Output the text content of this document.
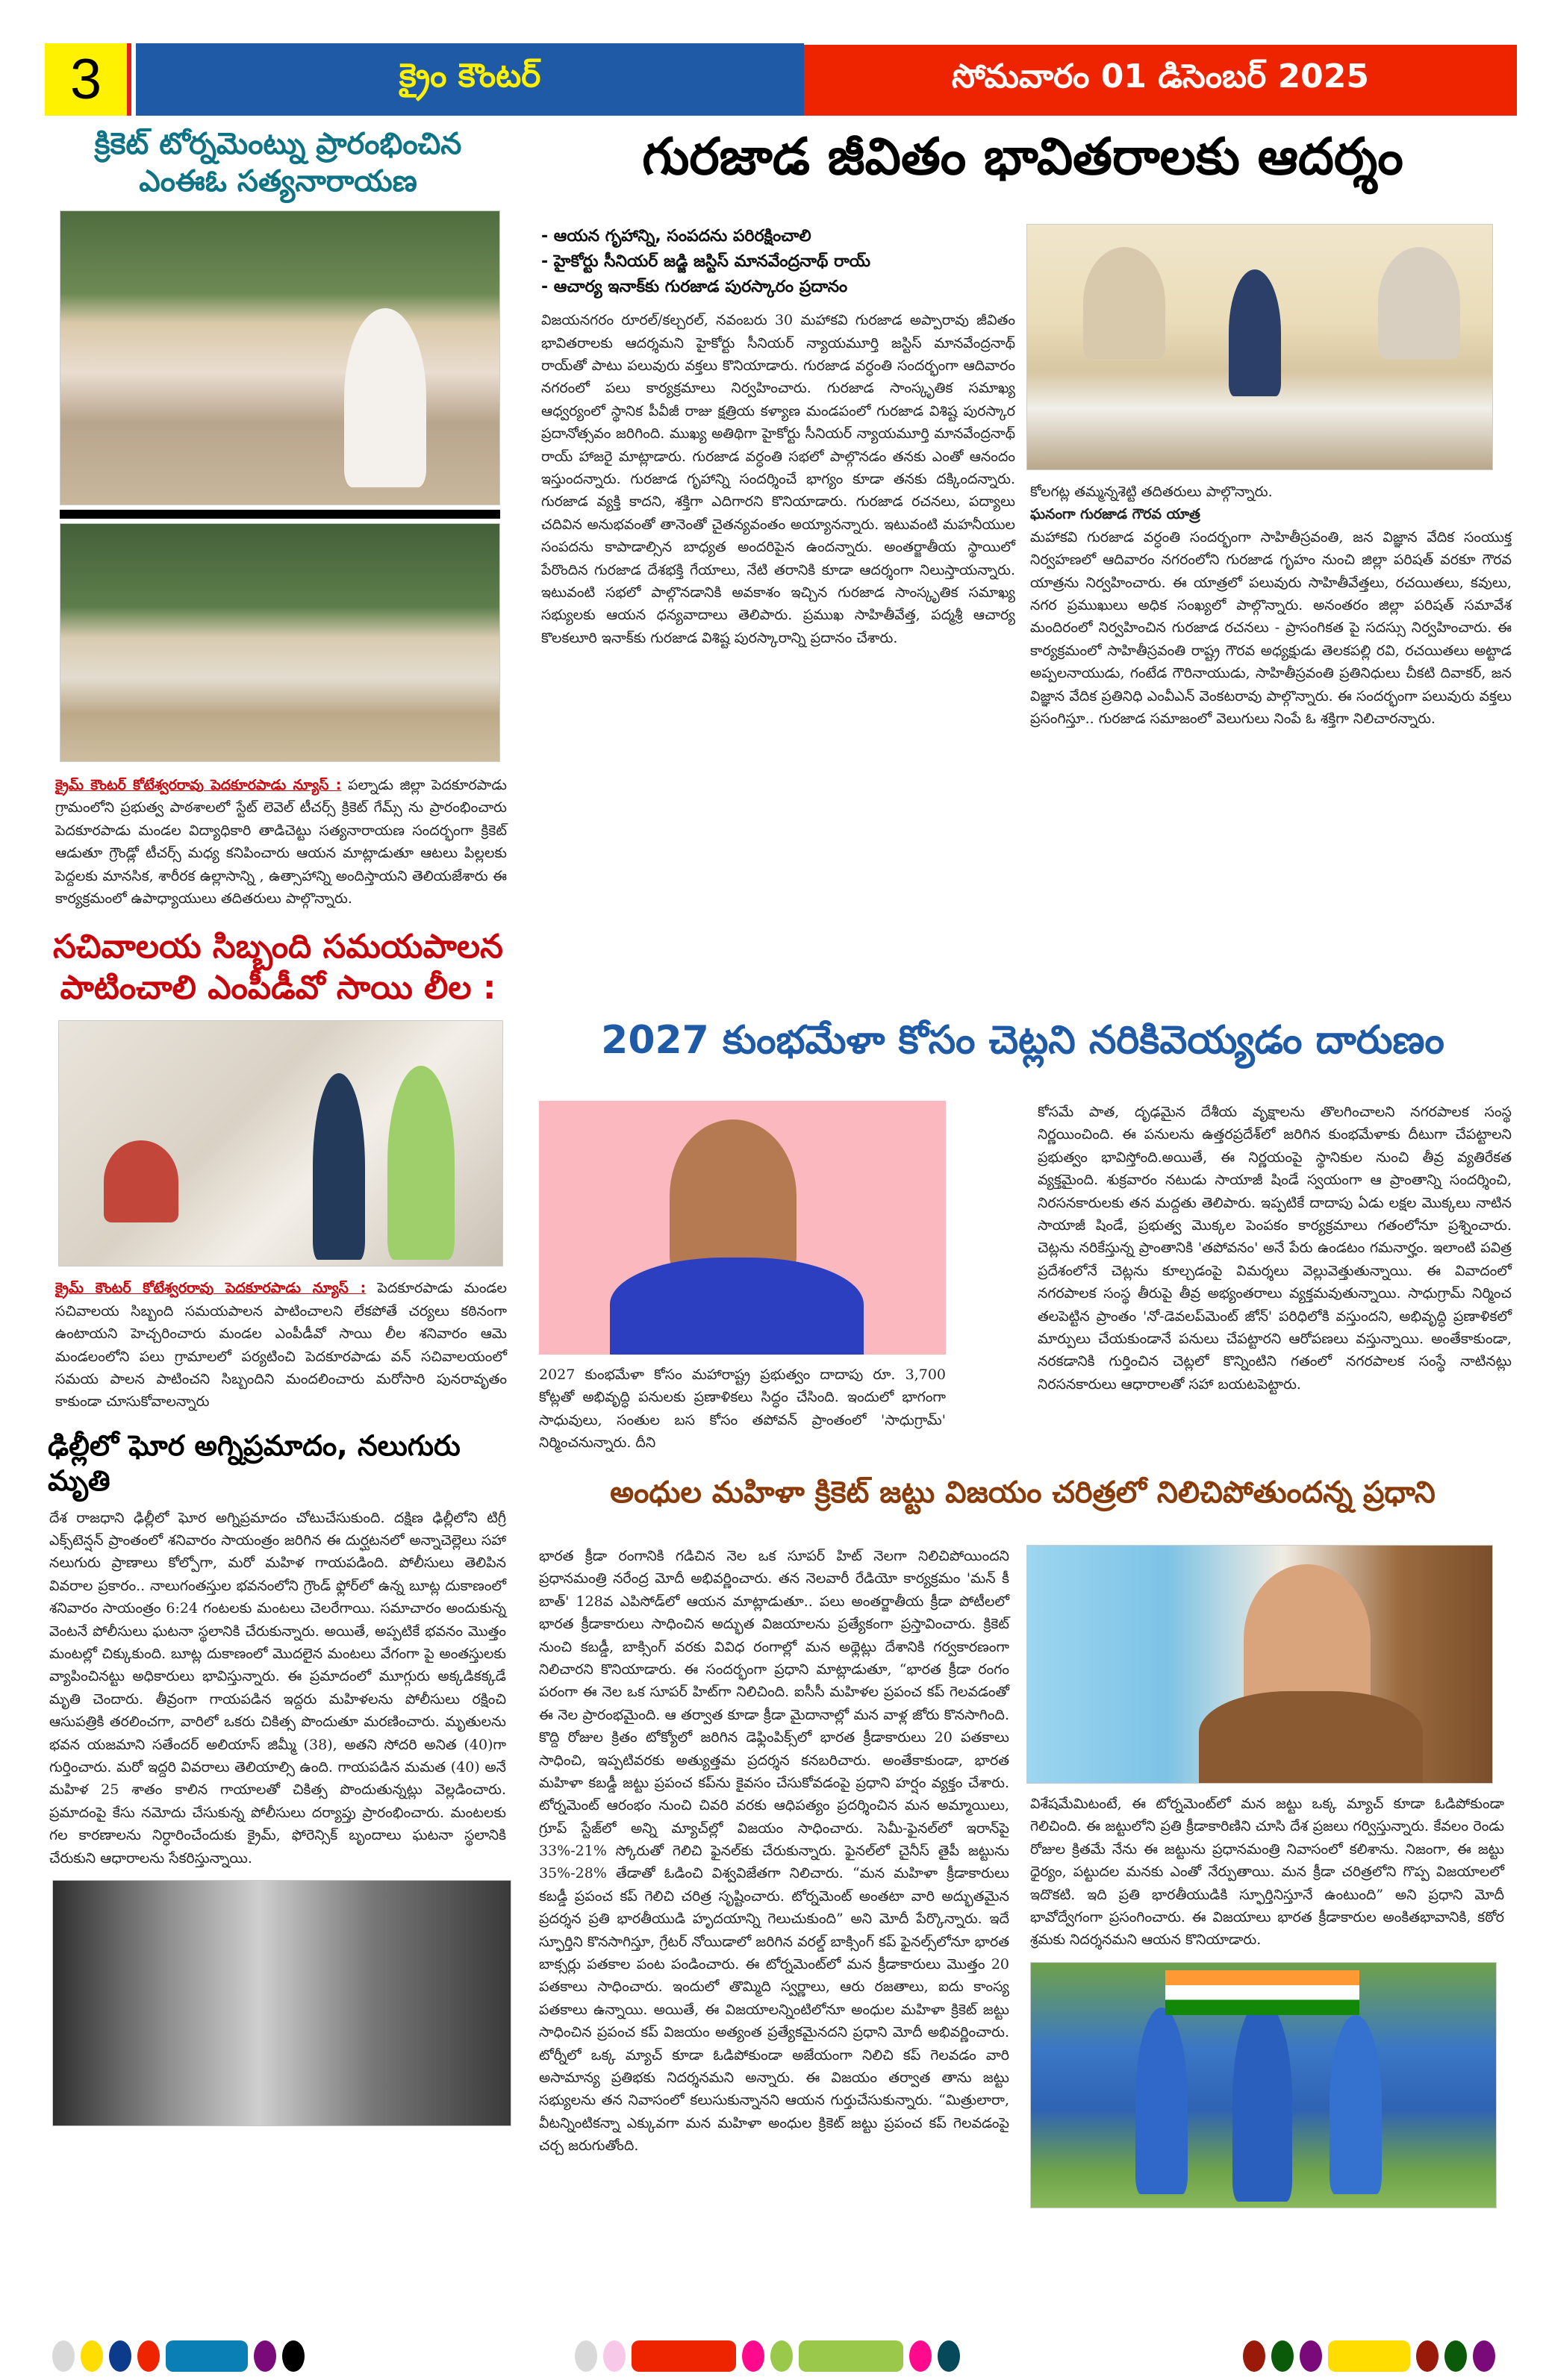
3	క్రైం కౌంటర్	సోమవారం 01 డిసెంబర్ 2025
క్రికెట్ టోర్నమెంట్ను ప్రారంభించిన ఎంఈఓ సత్యనారాయణ
క్రైమ్ కౌంటర్ కోటేశ్వరరావు పెదకూరపాడు న్యూస్ : పల్నాడు జిల్లా పెదకూరపాడు గ్రామంలోని ప్రభుత్వ పాఠశాలలో స్టేట్ లెవెల్ టీచర్స్ క్రికెట్ గేమ్స్ ను ప్రారంభించారు పెదకూరపాడు మండల విద్యాధికారి తాడిచెట్టు సత్యనారాయణ సందర్భంగా క్రికెట్ ఆడుతూ గ్రౌండ్లో టీచర్స్ మధ్య కనిపించారు ఆయన మాట్లాడుతూ ఆటలు పిల్లలకు పెద్దలకు మానసిక, శారీరక ఉల్లాసాన్ని , ఉత్సాహాన్ని అందిస్తాయని తెలియజేశారు ఈ కార్యక్రమంలో ఉపాధ్యాయులు తదితరులు పాల్గొన్నారు.
సచివాలయ సిబ్బంది సమయపాలన పాటించాలి ఎంపీడీవో సాయి లీల :
క్రైమ్ కౌంటర్ కోటేశ్వరరావు పెదకూరపాడు న్యూస్ : పెదకూరపాడు మండల సచివాలయ సిబ్బంది సమయపాలన పాటించాలని లేకపోతే చర్యలు కఠినంగా ఉంటాయని హెచ్చరించారు మండల ఎంపీడీవో సాయి లీల శనివారం ఆమె మండలంలోని పలు గ్రామాలలో పర్యటించి పెదకూరపాడు వన్ సచివాలయంలో సమయ పాలన పాటించని సిబ్బందిని మందలించారు మరోసారి పునరావృతం కాకుండా చూసుకోవాలన్నారు
ఢిల్లీలో ఘోర అగ్నిప్రమాదం, నలుగురు మృతి
దేశ రాజధాని ఢిల్లీలో ఘోర అగ్నిప్రమాదం చోటుచేసుకుంది. దక్షిణ ఢిల్లీలోని టిగ్రీ ఎక్స్‌టెన్షన్ ప్రాంతంలో శనివారం సాయంత్రం జరిగిన ఈ దుర్ఘటనలో అన్నాచెల్లెలు సహా నలుగురు ప్రాణాలు కోల్పోగా, మరో మహిళ గాయపడింది. పోలీసులు తెలిపిన వివరాల ప్రకారం.. నాలుగంతస్తుల భవనంలోని గ్రౌండ్ ఫ్లోర్‌లో ఉన్న బూట్ల దుకాణంలో శనివారం సాయంత్రం 6:24 గంటలకు మంటలు చెలరేగాయి. సమాచారం అందుకున్న వెంటనే పోలీసులు ఘటనా స్థలానికి చేరుకున్నారు. అయితే, అప్పటికే భవనం మొత్తం మంటల్లో చిక్కుకుంది. బూట్ల దుకాణంలో మొదలైన మంటలు వేగంగా పై అంతస్తులకు వ్యాపించినట్టు అధికారులు భావిస్తున్నారు. ఈ ప్రమాదంలో మూగ్గురు అక్కడికక్కడే మృతి చెందారు. తీవ్రంగా గాయపడిన ఇద్దరు మహిళలను పోలీసులు రక్షించి ఆసుపత్రికి తరలించగా, వారిలో ఒకరు చికిత్స పొందుతూ మరణించారు. మృతులను భవన యజమాని సతేందర్ అలియాస్ జిమ్మీ (38), అతని సోదరి అనిత (40)గా గుర్తించారు. మరో ఇద్దరి వివరాలు తెలియాల్సి ఉంది. గాయపడిన మమత (40) అనే మహిళ 25 శాతం కాలిన గాయాలతో చికిత్స పొందుతున్నట్లు వెల్లడించారు. ప్రమాదంపై కేసు నమోదు చేసుకున్న పోలీసులు దర్యాప్తు ప్రారంభించారు. మంటలకు గల కారణాలను నిర్ధారించేందుకు క్రైమ్, ఫోరెన్సిక్ బృందాలు ఘటనా స్థలానికి చేరుకుని ఆధారాలను సేకరిస్తున్నాయి.
గురజాడ జీవితం భావితరాలకు ఆదర్శం
- ఆయన గృహాన్ని, సంపదను పరిరక్షించాలి
- హైకోర్టు సీనియర్ జడ్జి జస్టిస్ మానవేంద్రనాథ్ రాయ్
- ఆచార్య ఇనాక్‌కు గురజాడ పురస్కారం ప్రదానం
విజయనగరం రూరల్/కల్చరల్, నవంబరు 30 మహాకవి గురజాడ అప్పారావు జీవితం భావితరాలకు ఆదర్శమని హైకోర్టు సీనియర్ న్యాయమూర్తి జస్టిస్ మానవేంద్రనాథ్ రాయ్‌తో పాటు పలువురు వక్తలు కొనియాడారు. గురజాడ వర్ధంతి సందర్భంగా ఆదివారం నగరంలో పలు కార్యక్రమాలు నిర్వహించారు. గురజాడ సాంస్కృతిక సమాఖ్య ఆధ్వర్యంలో స్థానిక పీవీజీ రాజు క్షత్రియ కళ్యాణ మండపంలో గురజాడ విశిష్ట పురస్కార ప్రదానోత్సవం జరిగింది. ముఖ్య అతిథిగా హైకోర్టు సీనియర్ న్యాయమూర్తి మానవేంద్రనాథ్ రాయ్ హాజరై మాట్లాడారు. గురజాడ వర్ధంతి సభలో పాల్గొనడం తనకు ఎంతో ఆనందం ఇస్తుందన్నారు. గురజాడ గృహాన్ని సందర్శించే భాగ్యం కూడా తనకు దక్కిందన్నారు. గురజాడ వ్యక్తి కాదని, శక్తిగా ఎదిగారని కొనియాడారు. గురజాడ రచనలు, పద్యాలు చదివిన అనుభవంతో తానెంతో చైతన్యవంతం అయ్యానన్నారు. ఇటువంటి మహనీయుల సంపదను కాపాడాల్సిన బాధ్యత అందరిపైన ఉందన్నారు. అంతర్జాతీయ స్థాయిలో పేరొందిన గురజాడ దేశభక్తి గేయాలు, నేటి తరానికి కూడా ఆదర్శంగా నిలుస్తాయన్నారు. ఇటువంటి సభలో పాల్గొనడానికి అవకాశం ఇచ్చిన గురజాడ సాంస్కృతిక సమాఖ్య సభ్యులకు ఆయన ధన్యవాదాలు తెలిపారు. ప్రముఖ సాహితీవేత్త, పద్మశ్రీ ఆచార్య కొలకలూరి ఇనాక్‌కు గురజాడ విశిష్ట పురస్కారాన్ని ప్రదానం చేశారు.
కోలగట్ల తమ్మన్నశెట్టి తదితరులు పాల్గొన్నారు.
ఘనంగా గురజాడ గౌరవ యాత్ర
మహాకవి గురజాడ వర్ధంతి సందర్భంగా సాహితీస్రవంతి, జన విజ్ఞాన వేదిక సంయుక్త నిర్వహణలో ఆదివారం నగరంలోని గురజాడ గృహం నుంచి జిల్లా పరిషత్ వరకూ గౌరవ యాత్రను నిర్వహించారు. ఈ యాత్రలో పలువురు సాహితీవేత్తలు, రచయితలు, కవులు, నగర ప్రముఖులు అధిక సంఖ్యలో పాల్గొన్నారు. అనంతరం జిల్లా పరిషత్ సమావేశ మందిరంలో నిర్వహించిన గురజాడ రచనలు - ప్రాసంగికత పై సదస్సు నిర్వహించారు. ఈ కార్యక్రమంలో సాహితీస్రవంతి రాష్ట్ర గౌరవ అధ్యక్షుడు తెలకపల్లి రవి, రచయితలు అట్టాడ అప్పలనాయుడు, గంటేడ గౌరినాయుడు, సాహితీస్రవంతి ప్రతినిధులు చీకటి దివాకర్, జన విజ్ఞాన వేదిక ప్రతినిధి ఎంవీఎన్ వెంకటరావు పాల్గొన్నారు. ఈ సందర్భంగా పలువురు వక్తలు ప్రసంగిస్తూ.. గురజాడ సమాజంలో వెలుగులు నింపే ఓ శక్తిగా నిలిచారన్నారు.
2027 కుంభమేళా కోసం చెట్లని నరికివెయ్యడం దారుణం
2027 కుంభమేళా కోసం మహారాష్ట్ర ప్రభుత్వం దాదాపు రూ. 3,700 కోట్లతో అభివృద్ధి పనులకు ప్రణాళికలు సిద్ధం చేసింది. ఇందులో భాగంగా సాధువులు, సంతుల బస కోసం తపోవన్ ప్రాంతంలో 'సాధుగ్రామ్' నిర్మించనున్నారు. దీని
కోసమే పాత, దృఢమైన దేశీయ వృక్షాలను తొలగించాలని నగరపాలక సంస్థ నిర్ణయించింది. ఈ పనులను ఉత్తరప్రదేశ్‌లో జరిగిన కుంభమేళాకు దీటుగా చేపట్టాలని ప్రభుత్వం భావిస్తోంది.అయితే, ఈ నిర్ణయంపై స్థానికుల నుంచి తీవ్ర వ్యతిరేకత వ్యక్తమైంది. శుక్రవారం నటుడు సాయాజీ షిండే స్వయంగా ఆ ప్రాంతాన్ని సందర్శించి, నిరసనకారులకు తన మద్దతు తెలిపారు. ఇప్పటికే దాదాపు ఏడు లక్షల మొక్కలు నాటిన సాయాజీ షిండే, ప్రభుత్వ మొక్కల పెంపకం కార్యక్రమాలు గతంలోనూ ప్రశ్నించారు. చెట్లను నరికేస్తున్న ప్రాంతానికి 'తపోవనం' అనే పేరు ఉండటం గమనార్హం. ఇలాంటి పవిత్ర ప్రదేశంలోనే చెట్లను కూల్చడంపై విమర్శలు వెల్లువెత్తుతున్నాయి. ఈ వివాదంలో నగరపాలక సంస్థ తీరుపై తీవ్ర అభ్యంతరాలు వ్యక్తమవుతున్నాయి. సాధుగ్రామ్ నిర్మించ తలపెట్టిన ప్రాంతం 'నో-డెవలప్‌మెంట్ జోన్' పరిధిలోకి వస్తుందని, అభివృద్ధి ప్రణాళికలో మార్పులు చేయకుండానే పనులు చేపట్టారని ఆరోపణలు వస్తున్నాయి. అంతేకాకుండా, నరకడానికి గుర్తించిన చెట్లలో కొన్నింటిని గతంలో నగరపాలక సంస్థే నాటినట్లు నిరసనకారులు ఆధారాలతో సహా బయటపెట్టారు.
అంధుల మహిళా క్రికెట్ జట్టు విజయం చరిత్రలో నిలిచిపోతుందన్న ప్రధాని
భారత క్రీడా రంగానికి గడిచిన నెల ఒక సూపర్ హిట్ నెలగా నిలిచిపోయిందని ప్రధానమంత్రి నరేంద్ర మోదీ అభివర్ణించారు. తన నెలవారీ రేడియో కార్యక్రమం 'మన్ కీ బాత్' 128వ ఎపిసోడ్‌లో ఆయన మాట్లాడుతూ.. పలు అంతర్జాతీయ క్రీడా పోటీలలో భారత క్రీడాకారులు సాధించిన అద్భుత విజయాలను ప్రత్యేకంగా ప్రస్తావించారు. క్రికెట్ నుంచి కబడ్డీ, బాక్సింగ్ వరకు వివిధ రంగాల్లో మన అథ్లెట్లు దేశానికి గర్వకారణంగా నిలిచారని కొనియాడారు. ఈ సందర్భంగా ప్రధాని మాట్లాడుతూ, “భారత క్రీడా రంగం పరంగా ఈ నెల ఒక సూపర్ హిట్‌గా నిలిచింది. ఐసీసీ మహిళల ప్రపంచ కప్ గెలవడంతో ఈ నెల ప్రారంభమైంది. ఆ తర్వాత కూడా క్రీడా మైదానాల్లో మన వాళ్ల జోరు కొనసాగింది. కొద్ది రోజుల క్రితం టోక్యోలో జరిగిన డెఫ్లింపిక్స్‌లో భారత క్రీడాకారులు 20 పతకాలు సాధించి, ఇప్పటివరకు అత్యుత్తమ ప్రదర్శన కనబరిచారు. అంతేకాకుండా, భారత మహిళా కబడ్డీ జట్టు ప్రపంచ కప్‌ను కైవసం చేసుకోవడంపై ప్రధాని హర్షం వ్యక్తం చేశారు. టోర్నమెంట్ ఆరంభం నుంచి చివరి వరకు ఆధిపత్యం ప్రదర్శించిన మన అమ్మాయిలు, గ్రూప్ స్టేజ్‌లో అన్ని మ్యాచ్‌ల్లో విజయం సాధించారు. సెమీ-ఫైనల్‌లో ఇరాన్‌పై 33%-21% స్కోరుతో గెలిచి ఫైనల్‌కు చేరుకున్నారు. ఫైనల్‌లో చైనీస్ తైపీ జట్టును 35%-28% తేడాతో ఓడించి విశ్వవిజేతగా నిలిచారు. “మన మహిళా క్రీడాకారులు కబడ్డీ ప్రపంచ కప్ గెలిచి చరిత్ర సృష్టించారు. టోర్నమెంట్ అంతటా వారి అద్భుతమైన ప్రదర్శన ప్రతి భారతీయుడి హృదయాన్ని గెలుచుకుంది” అని మోదీ పేర్కొన్నారు. ఇదే స్ఫూర్తిని కొనసాగిస్తూ, గ్రేటర్ నోయిడాలో జరిగిన వరల్డ్ బాక్సింగ్ కప్ ఫైనల్స్‌లోనూ భారత బాక్సర్లు పతకాల పంట పండించారు. ఈ టోర్నమెంట్‌లో మన క్రీడాకారులు మొత్తం 20 పతకాలు సాధించారు. ఇందులో తొమ్మిది స్వర్ణాలు, ఆరు రజతాలు, ఐదు కాంస్య పతకాలు ఉన్నాయి. అయితే, ఈ విజయాలన్నింటిలోనూ అంధుల మహిళా క్రికెట్ జట్టు సాధించిన ప్రపంచ కప్ విజయం అత్యంత ప్రత్యేకమైనదని ప్రధాని మోదీ అభివర్ణించారు. టోర్నీలో ఒక్క మ్యాచ్ కూడా ఓడిపోకుండా అజేయంగా నిలిచి కప్ గెలవడం వారి అసామాన్య ప్రతిభకు నిదర్శనమని అన్నారు. ఈ విజయం తర్వాత తాను జట్టు సభ్యులను తన నివాసంలో కలుసుకున్నానని ఆయన గుర్తుచేసుకున్నారు. “మిత్రులారా, వీటన్నింటికన్నా ఎక్కువగా మన మహిళా అంధుల క్రికెట్ జట్టు ప్రపంచ కప్ గెలవడంపై చర్చ జరుగుతోంది.
విశేషమేమిటంటే, ఈ టోర్నమెంట్‌లో మన జట్టు ఒక్క మ్యాచ్ కూడా ఓడిపోకుండా గెలిచింది. ఈ జట్టులోని ప్రతి క్రీడాకారిణిని చూసి దేశ ప్రజలు గర్విస్తున్నారు. కేవలం రెండు రోజుల క్రితమే నేను ఈ జట్టును ప్రధానమంత్రి నివాసంలో కలిశాను. నిజంగా, ఈ జట్టు ధైర్యం, పట్టుదల మనకు ఎంతో నేర్పుతాయి. మన క్రీడా చరిత్రలోని గొప్ప విజయాలలో ఇదొకటి. ఇది ప్రతి భారతీయుడికి స్ఫూర్తినిస్తూనే ఉంటుంది” అని ప్రధాని మోదీ భావోద్వేగంగా ప్రసంగించారు. ఈ విజయాలు భారత క్రీడాకారుల అంకితభావానికి, కఠోర శ్రమకు నిదర్శనమని ఆయన కొనియాడారు.
